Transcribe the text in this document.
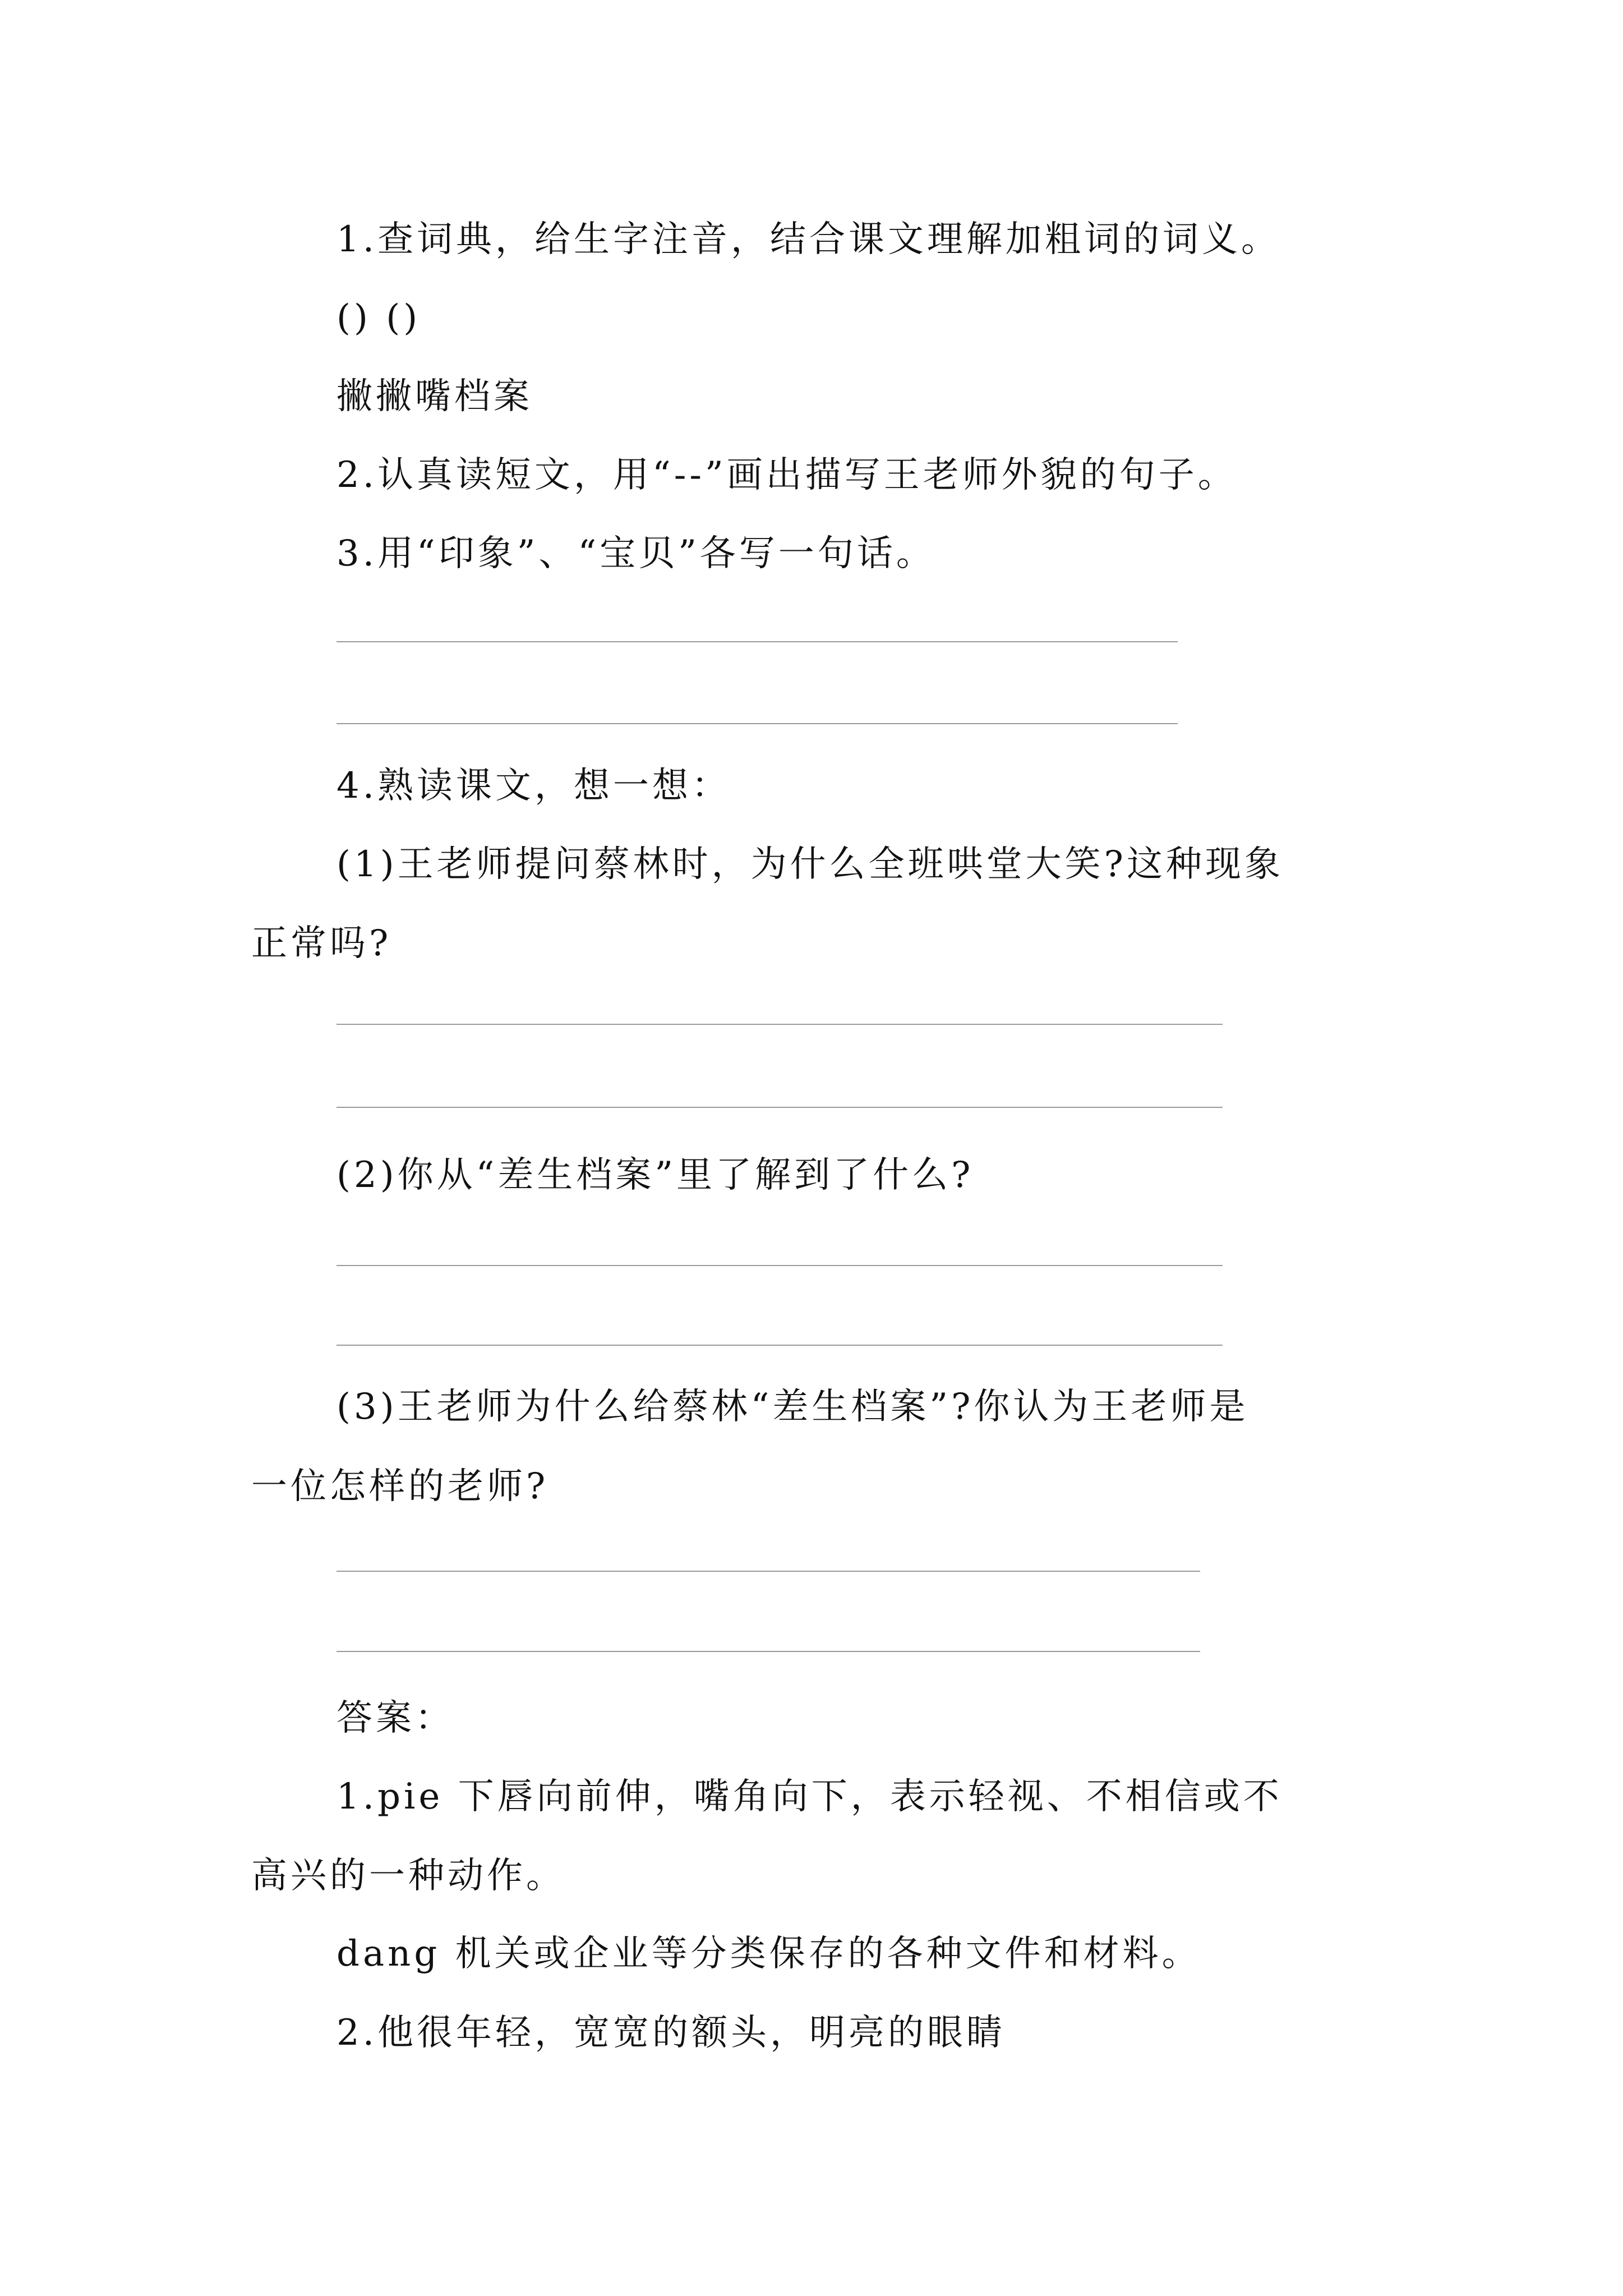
1.查词典，给生字注音，结合课文理解加粗词的词义。
() ()
撇撇嘴档案
2.认真读短文，用“--”画出描写王老师外貌的句子。
3.用“印象”、“宝贝”各写一句话。
4.熟读课文，想一想：
(1)王老师提问蔡林时，为什么全班哄堂大笑?这种现象
正常吗?
(2)你从“差生档案”里了解到了什么?
(3)王老师为什么给蔡林“差生档案”?你认为王老师是
一位怎样的老师?
答案：
1.pie 下唇向前伸，嘴角向下，表示轻视、不相信或不
高兴的一种动作。
dang 机关或企业等分类保存的各种文件和材料。
2.他很年轻，宽宽的额头，明亮的眼睛
